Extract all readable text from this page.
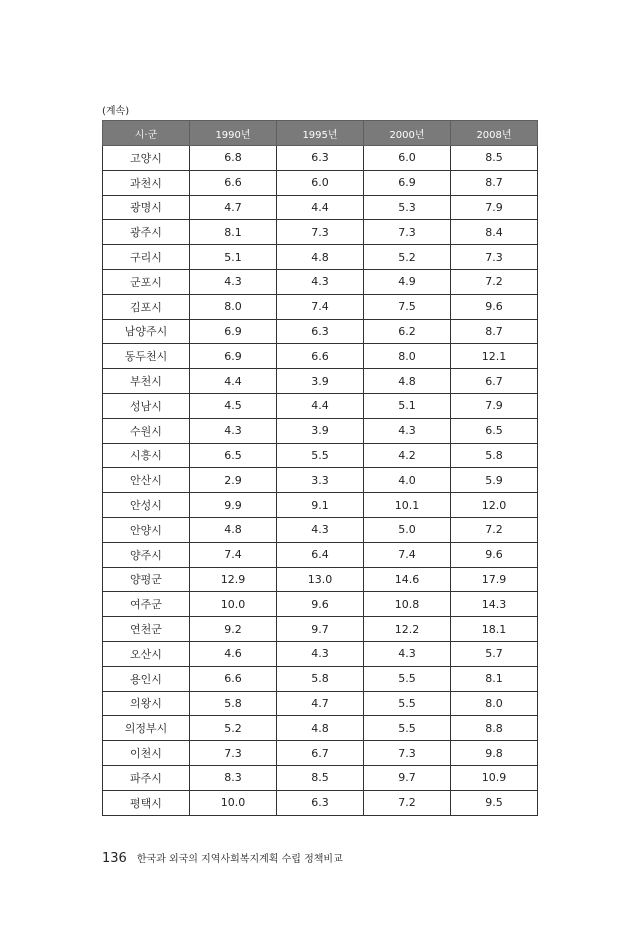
(계속)
시·군	1990년	1995년	2000년	2008년
고양시	6.8	6.3	6.0	8.5
과천시	6.6	6.0	6.9	8.7
광명시	4.7	4.4	5.3	7.9
광주시	8.1	7.3	7.3	8.4
구리시	5.1	4.8	5.2	7.3
군포시	4.3	4.3	4.9	7.2
김포시	8.0	7.4	7.5	9.6
남양주시	6.9	6.3	6.2	8.7
동두천시	6.9	6.6	8.0	12.1
부천시	4.4	3.9	4.8	6.7
성남시	4.5	4.4	5.1	7.9
수원시	4.3	3.9	4.3	6.5
시흥시	6.5	5.5	4.2	5.8
안산시	2.9	3.3	4.0	5.9
안성시	9.9	9.1	10.1	12.0
안양시	4.8	4.3	5.0	7.2
양주시	7.4	6.4	7.4	9.6
양평군	12.9	13.0	14.6	17.9
여주군	10.0	9.6	10.8	14.3
연천군	9.2	9.7	12.2	18.1
오산시	4.6	4.3	4.3	5.7
용인시	6.6	5.8	5.5	8.1
의왕시	5.8	4.7	5.5	8.0
의정부시	5.2	4.8	5.5	8.8
이천시	7.3	6.7	7.3	9.8
파주시	8.3	8.5	9.7	10.9
평택시	10.0	6.3	7.2	9.5
136 한국과 외국의 지역사회복지계획 수립 정책비교
